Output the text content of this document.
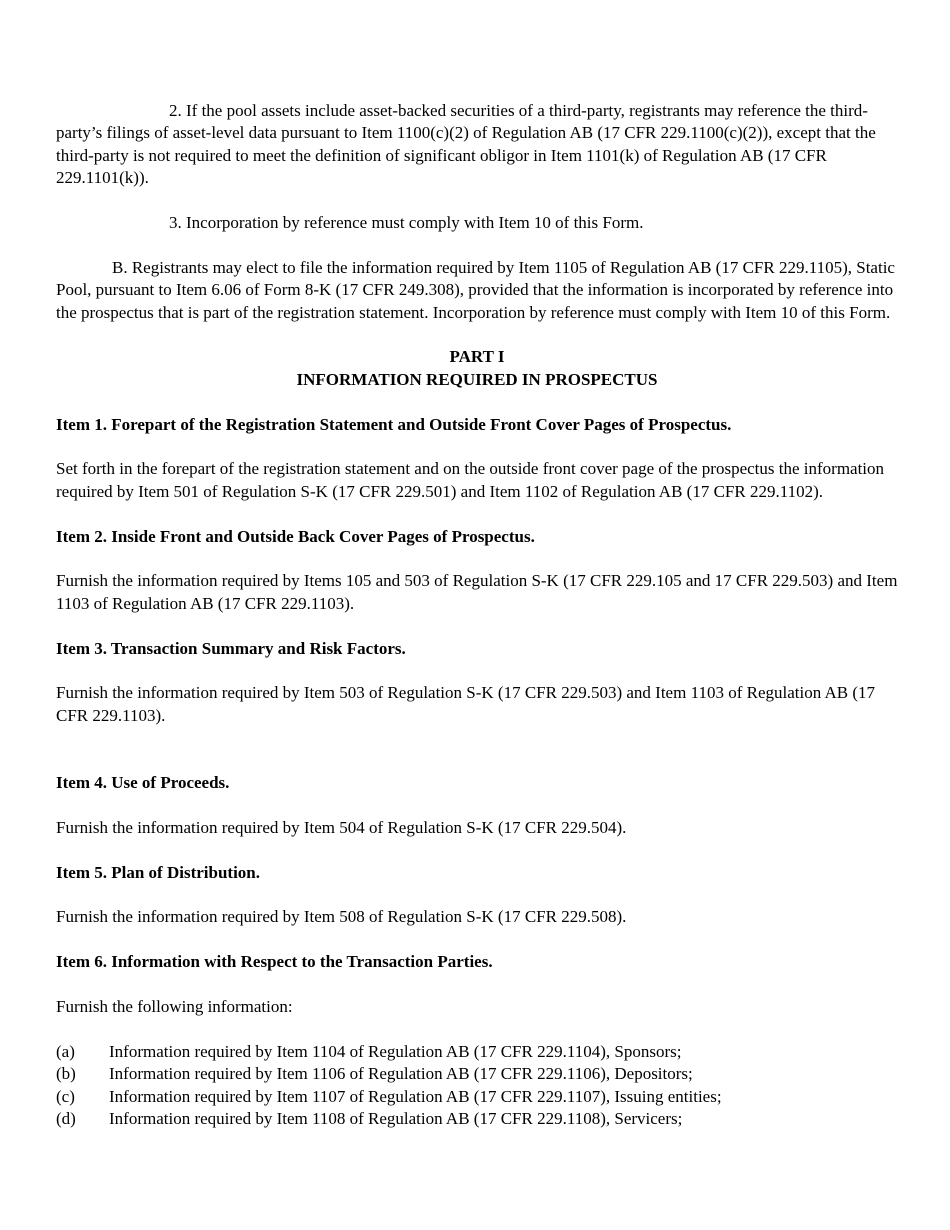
2. If the pool assets include asset-backed securities of a third-party, registrants may reference the third-party’s filings of asset-level data pursuant to Item 1100(c)(2) of Regulation AB (17 CFR 229.1100(c)(2)), except that the third-party is not required to meet the definition of significant obligor in Item 1101(k) of Regulation AB (17 CFR 229.1101(k)).

3. Incorporation by reference must comply with Item 10 of this Form.

B. Registrants may elect to file the information required by Item 1105 of Regulation AB (17 CFR 229.1105), Static Pool, pursuant to Item 6.06 of Form 8-K (17 CFR 249.308), provided that the information is incorporated by reference into the prospectus that is part of the registration statement. Incorporation by reference must comply with Item 10 of this Form.

PART I

INFORMATION REQUIRED IN PROSPECTUS

Item 1. Forepart of the Registration Statement and Outside Front Cover Pages of Prospectus.

Set forth in the forepart of the registration statement and on the outside front cover page of the prospectus the information required by Item 501 of Regulation S-K (17 CFR 229.501) and Item 1102 of Regulation AB (17 CFR 229.1102).

Item 2. Inside Front and Outside Back Cover Pages of Prospectus.

Furnish the information required by Items 105 and 503 of Regulation S-K (17 CFR 229.105 and 17 CFR 229.503) and Item 1103 of Regulation AB (17 CFR 229.1103).

Item 3. Transaction Summary and Risk Factors.

Furnish the information required by Item 503 of Regulation S-K (17 CFR 229.503) and Item 1103 of Regulation AB (17 CFR 229.1103).

Item 4. Use of Proceeds.

Furnish the information required by Item 504 of Regulation S-K (17 CFR 229.504).

Item 5. Plan of Distribution.

Furnish the information required by Item 508 of Regulation S-K (17 CFR 229.508).

Item 6. Information with Respect to the Transaction Parties.

Furnish the following information:

(a)	Information required by Item 1104 of Regulation AB (17 CFR 229.1104), Sponsors;
(b)	Information required by Item 1106 of Regulation AB (17 CFR 229.1106), Depositors;
(c)	Information required by Item 1107 of Regulation AB (17 CFR 229.1107), Issuing entities;
(d)	Information required by Item 1108 of Regulation AB (17 CFR 229.1108), Servicers;
